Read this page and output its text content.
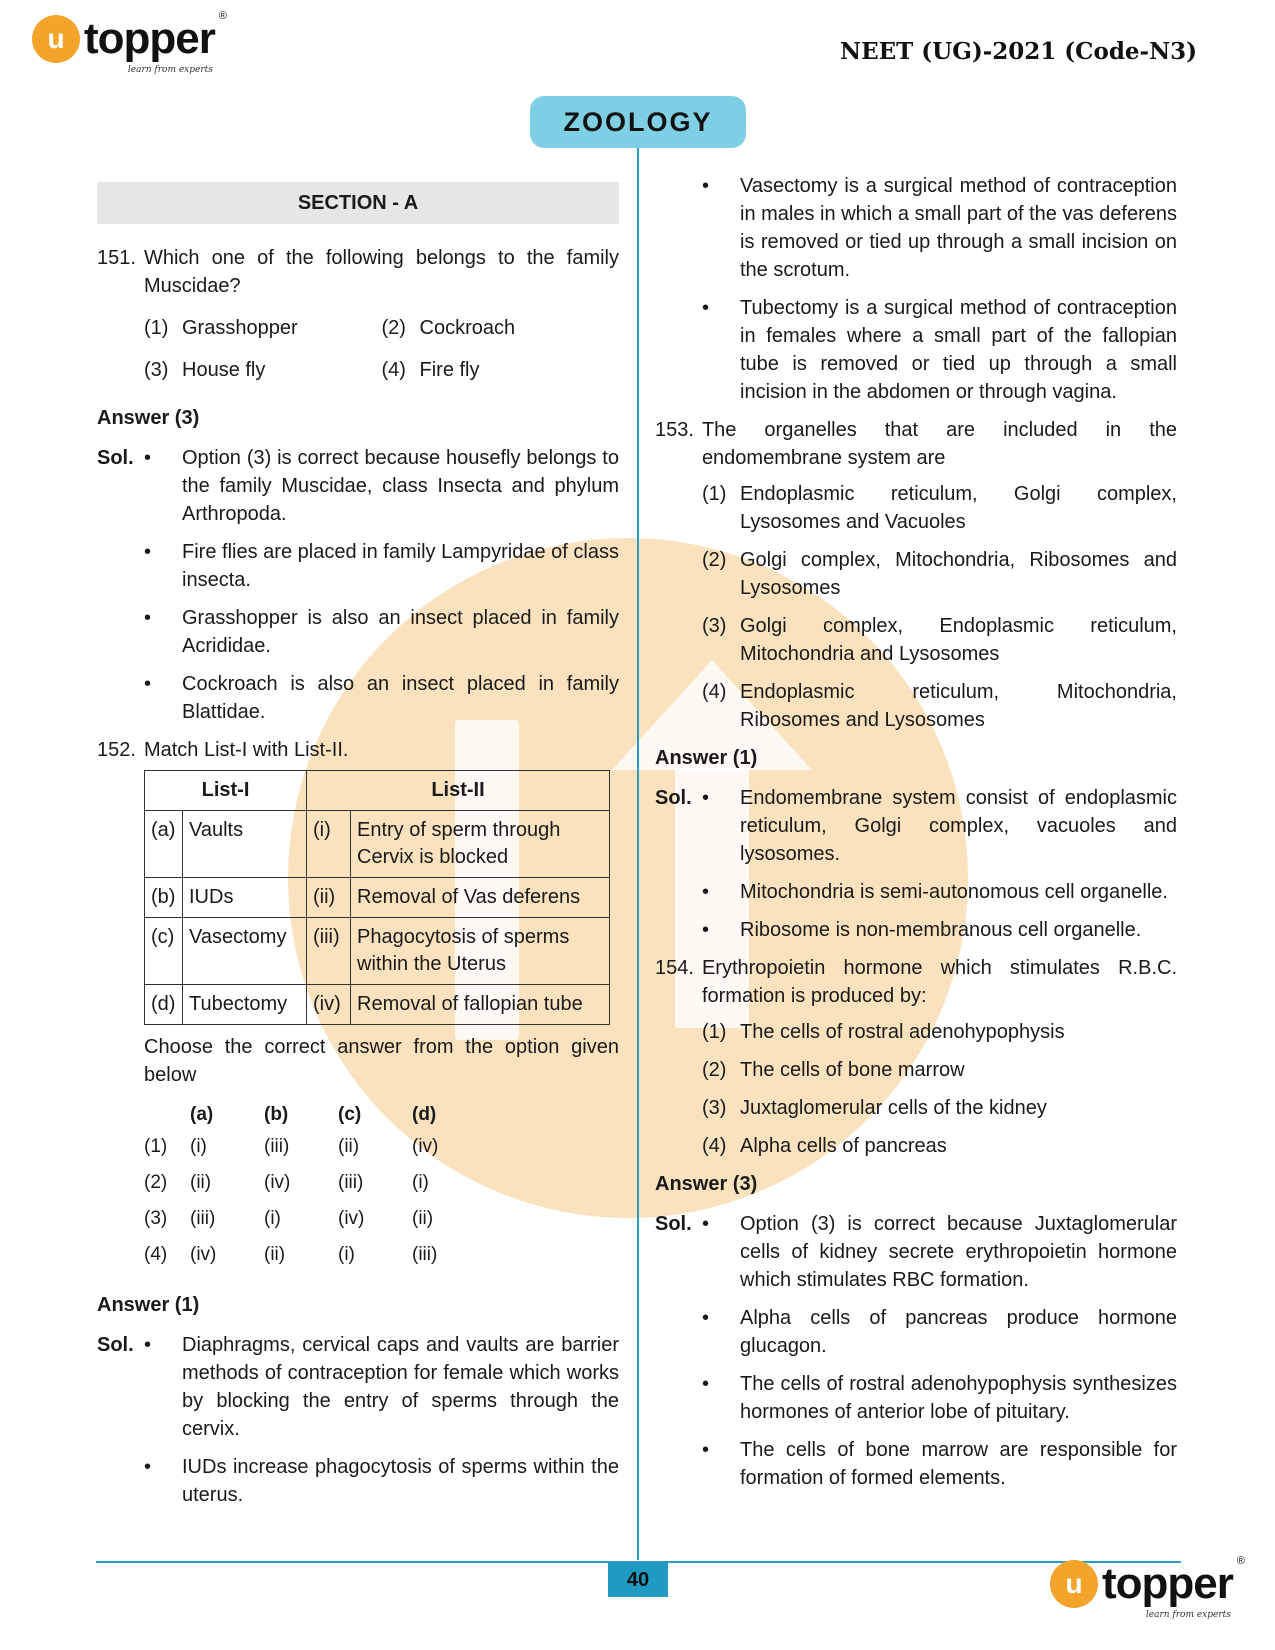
u topper ®
learn from experts
NEET (UG)-2021 (Code-N3)
ZOOLOGY
SECTION - A
151. Which one of the following belongs to the family Muscidae?
(1) Grasshopper	(2) Cockroach
(3) House fly	(4) Fire fly
Answer (3)
Sol. •	Option (3) is correct because housefly belongs to the family Muscidae, class Insecta and phylum Arthropoda.
•	Fire flies are placed in family Lampyridae of class insecta.
•	Grasshopper is also an insect placed in family Acrididae.
•	Cockroach is also an insect placed in family Blattidae.
152. Match List-I with List-II.
List-I		List-II	
(a)	Vaults	(i)	Entry of sperm through Cervix is blocked
(b)	IUDs	(ii)	Removal of Vas deferens
(c)	Vasectomy	(iii)	Phagocytosis of sperms within the Uterus
(d)	Tubectomy	(iv)	Removal of fallopian tube
Choose the correct answer from the option given below
	(a)	(b)	(c)	(d)
(1)	(i)	(iii)	(ii)	(iv)
(2)	(ii)	(iv)	(iii)	(i)
(3)	(iii)	(i)	(iv)	(ii)
(4)	(iv)	(ii)	(i)	(iii)
Answer (1)
Sol. •	Diaphragms, cervical caps and vaults are barrier methods of contraception for female which works by blocking the entry of sperms through the cervix.
•	IUDs increase phagocytosis of sperms within the uterus.
•	Vasectomy is a surgical method of contraception in males in which a small part of the vas deferens is removed or tied up through a small incision on the scrotum.
•	Tubectomy is a surgical method of contraception in females where a small part of the fallopian tube is removed or tied up through a small incision in the abdomen or through vagina.
153. The organelles that are included in the endomembrane system are
(1) Endoplasmic reticulum, Golgi complex, Lysosomes and Vacuoles
(2) Golgi complex, Mitochondria, Ribosomes and Lysosomes
(3) Golgi complex, Endoplasmic reticulum, Mitochondria and Lysosomes
(4) Endoplasmic reticulum, Mitochondria, Ribosomes and Lysosomes
Answer (1)
Sol. •	Endomembrane system consist of endoplasmic reticulum, Golgi complex, vacuoles and lysosomes.
•	Mitochondria is semi-autonomous cell organelle.
•	Ribosome is non-membranous cell organelle.
154. Erythropoietin hormone which stimulates R.B.C. formation is produced by:
(1) The cells of rostral adenohypophysis
(2) The cells of bone marrow
(3) Juxtaglomerular cells of the kidney
(4) Alpha cells of pancreas
Answer (3)
Sol. •	Option (3) is correct because Juxtaglomerular cells of kidney secrete erythropoietin hormone which stimulates RBC formation.
•	Alpha cells of pancreas produce hormone glucagon.
•	The cells of rostral adenohypophysis synthesizes hormones of anterior lobe of pituitary.
•	The cells of bone marrow are responsible for formation of formed elements.
40	u topper ®
learn from experts
